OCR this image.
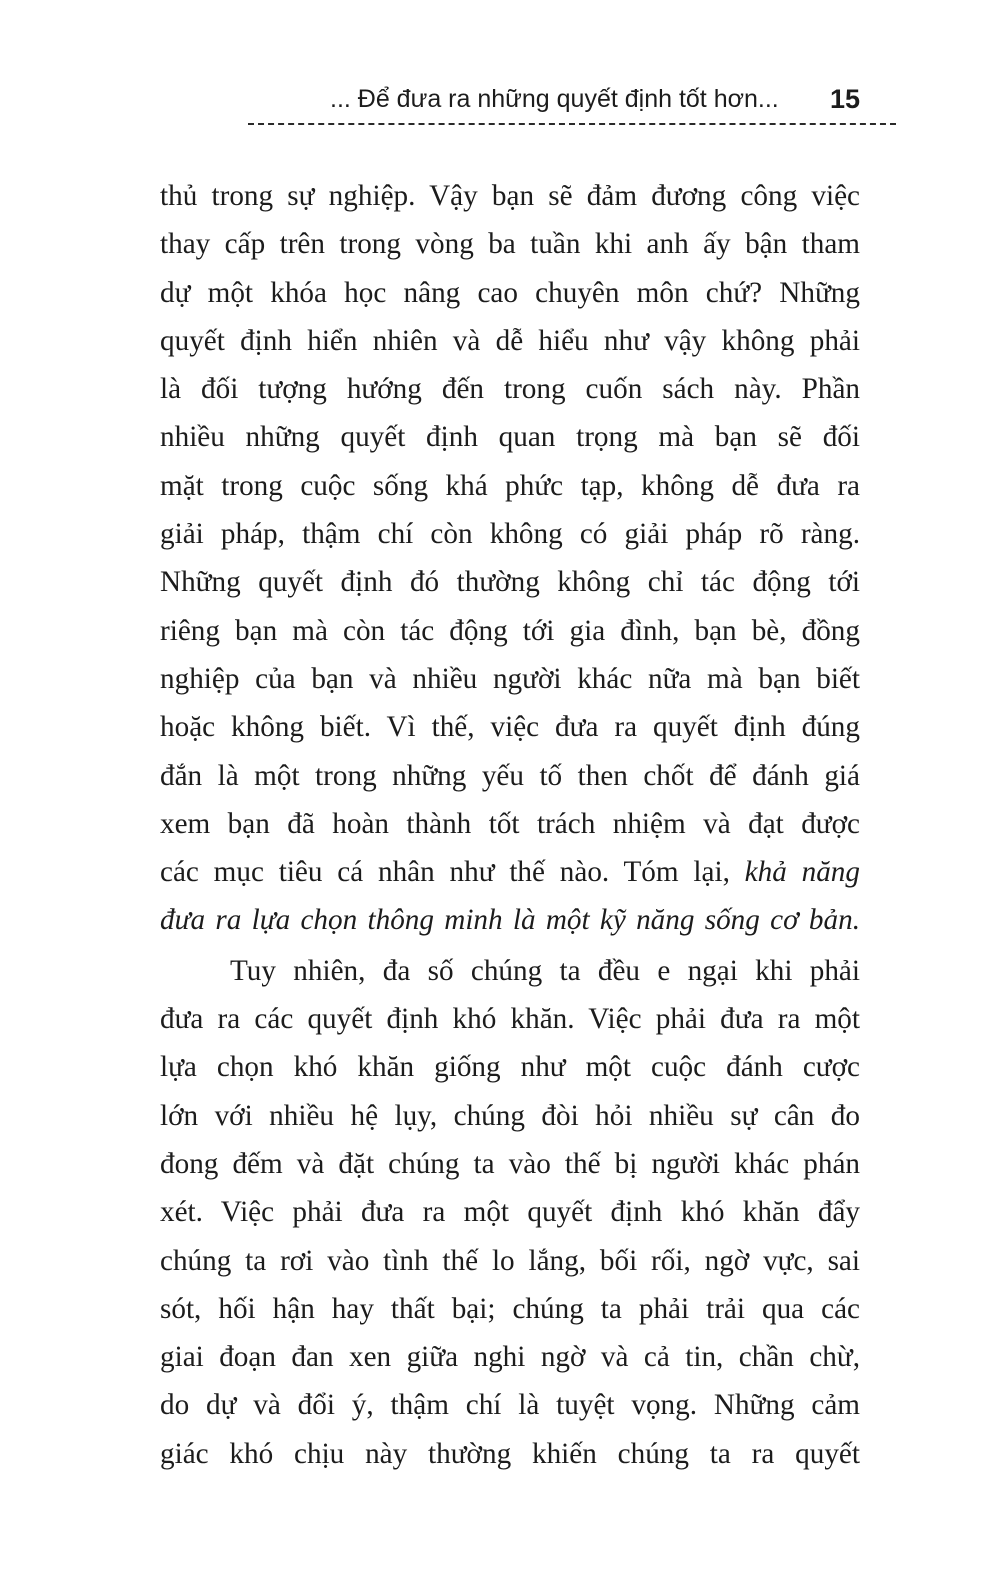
... Để đưa ra những quyết định tốt hơn... 15
thủ trong sự nghiệp. Vậy bạn sẽ đảm đương công việc
thay cấp trên trong vòng ba tuần khi anh ấy bận tham
dự một khóa học nâng cao chuyên môn chứ? Những
quyết định hiển nhiên và dễ hiểu như vậy không phải
là đối tượng hướng đến trong cuốn sách này. Phần
nhiều những quyết định quan trọng mà bạn sẽ đối
mặt trong cuộc sống khá phức tạp, không dễ đưa ra
giải pháp, thậm chí còn không có giải pháp rõ ràng.
Những quyết định đó thường không chỉ tác động tới
riêng bạn mà còn tác động tới gia đình, bạn bè, đồng
nghiệp của bạn và nhiều người khác nữa mà bạn biết
hoặc không biết. Vì thế, việc đưa ra quyết định đúng
đắn là một trong những yếu tố then chốt để đánh giá
xem bạn đã hoàn thành tốt trách nhiệm và đạt được
các mục tiêu cá nhân như thế nào. Tóm lại, khả năng
đưa ra lựa chọn thông minh là một kỹ năng sống cơ bản.
Tuy nhiên, đa số chúng ta đều e ngại khi phải
đưa ra các quyết định khó khăn. Việc phải đưa ra một
lựa chọn khó khăn giống như một cuộc đánh cược
lớn với nhiều hệ lụy, chúng đòi hỏi nhiều sự cân đo
đong đếm và đặt chúng ta vào thế bị người khác phán
xét. Việc phải đưa ra một quyết định khó khăn đẩy
chúng ta rơi vào tình thế lo lắng, bối rối, ngờ vực, sai
sót, hối hận hay thất bại; chúng ta phải trải qua các
giai đoạn đan xen giữa nghi ngờ và cả tin, chần chừ,
do dự và đổi ý, thậm chí là tuyệt vọng. Những cảm
giác khó chịu này thường khiến chúng ta ra quyết
